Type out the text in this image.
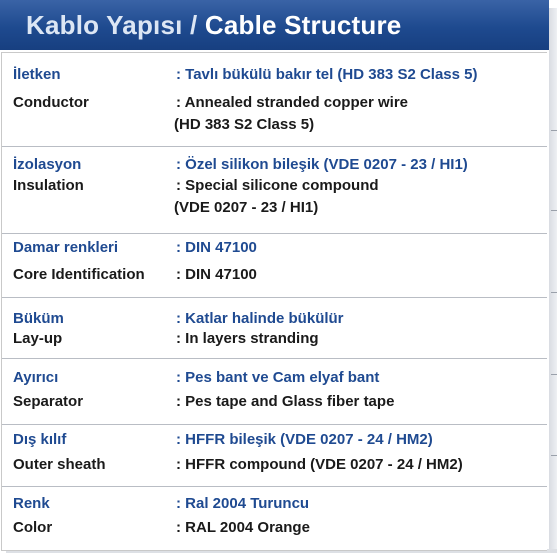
Kablo Yapısı / Cable Structure
İletken	: Tavlı bükülü bakır tel (HD 383 S2 Class 5)
Conductor	: Annealed stranded copper wire
(HD 383 S2 Class 5)
İzolasyon	: Özel silikon bileşik (VDE 0207 - 23 / HI1)
Insulation	: Special silicone compound
(VDE 0207 - 23 / HI1)
Damar renkleri	: DIN 47100
Core Identification : DIN 47100
Büküm	: Katlar halinde bükülür
Lay-up	: In layers stranding
Ayırıcı	: Pes bant ve Cam elyaf bant
Separator	: Pes tape and Glass fiber tape
Dış kılıf	: HFFR bileşik (VDE 0207 - 24 / HM2)
Outer sheath	: HFFR compound (VDE 0207 - 24 / HM2)
Renk	: Ral 2004 Turuncu
Color	: RAL 2004 Orange
